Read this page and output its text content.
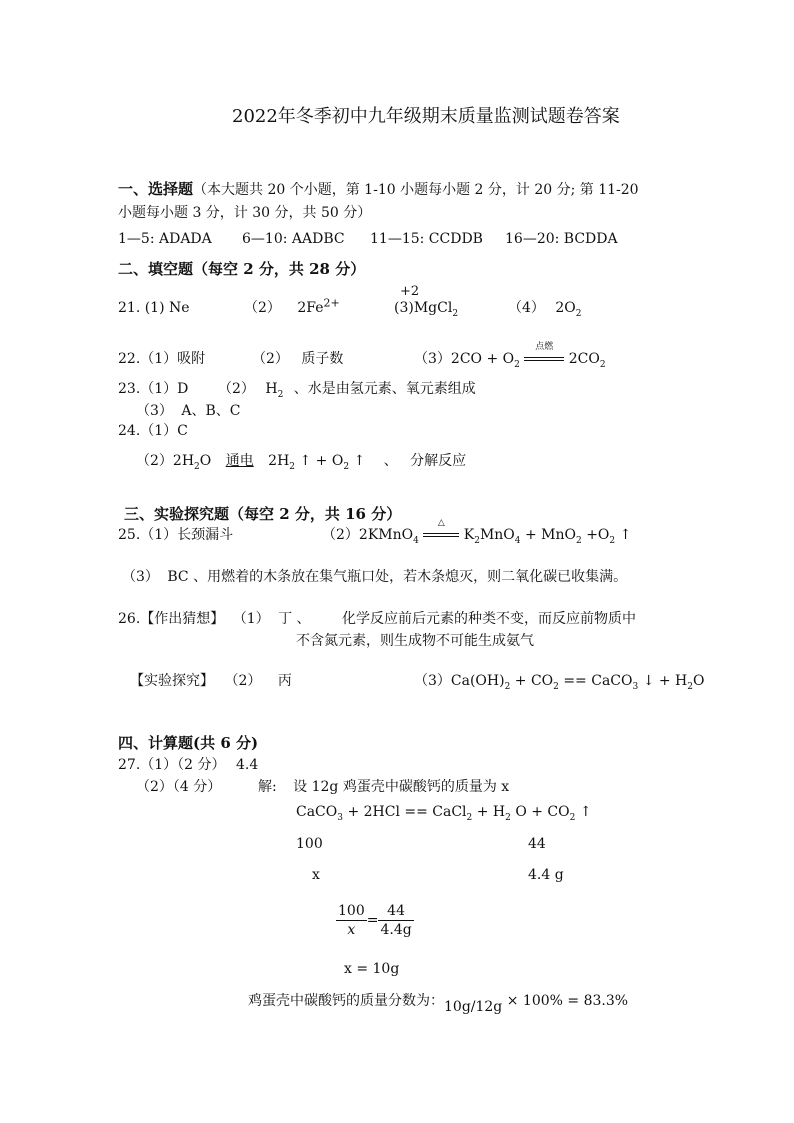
2022年冬季初中九年级期末质量监测试题卷答案
一、选择题（本大题共 20 个小题，第 1-10 小题每小题 2 分，计 20 分; 第 11-20
小题每小题 3 分，计 30 分，共 50 分）
1—5: ADADA 6—10: AADBC 11—15: CCDDB 16—20: BCDDA
二、填空题（每空 2 分，共 28 分）
+2
21. (1) Ne	（2） $2Fe^{2+}$	(3)MgCl$_2$	（4） $2O_2$
22.（1）吸附	（2） 质子数	$(3)2CO + O_2$
点燃
$2CO_2$
23.（1）D （2） $H_2$ 、水是由氢元素、氧元素组成
（3） A、B、C
24.（1）C
$(2)2H_2O$ 通电 $2H_2$ ↑ + $O_2$ ↑ 、 分解反应
三、实验探究题（每空 2 分，共 16 分）
25.（1）长颈漏斗	（2）2KMnO$_4$
△
$K_2MnO_4 + MnO_2 +O_2$ ↑
（3） BC 、用燃着的木条放在集气瓶口处，若木条熄灭，则二氧化碳已收集满。
26.【作出猜想】 （1） 丁 、 化学反应前后元素的种类不变，而反应前物质中
不含氮元素，则生成物不可能生成氨气
【实验探究】 （2） 丙	$(3)Ca(OH)_2 + CO_2$ == CaCO$_3$ ↓ + $H_2O$
四、计算题(共 6 分)
27.（1）（2 分） 4.4
（2）（4 分）	解: 设 12g 鸡蛋壳中碳酸钙的质量为 x
CaCO$_3$ + 2HCl == CaCl$_2$ + $H_2$ $O + CO_2$ ↑
100	44
x	4.4 g
$\frac{100}{x} = \frac{44}{4.4g}$
x = 10g
鸡蛋壳中碳酸钙的质量分数为：10g/12g × 100% = 83.3%
